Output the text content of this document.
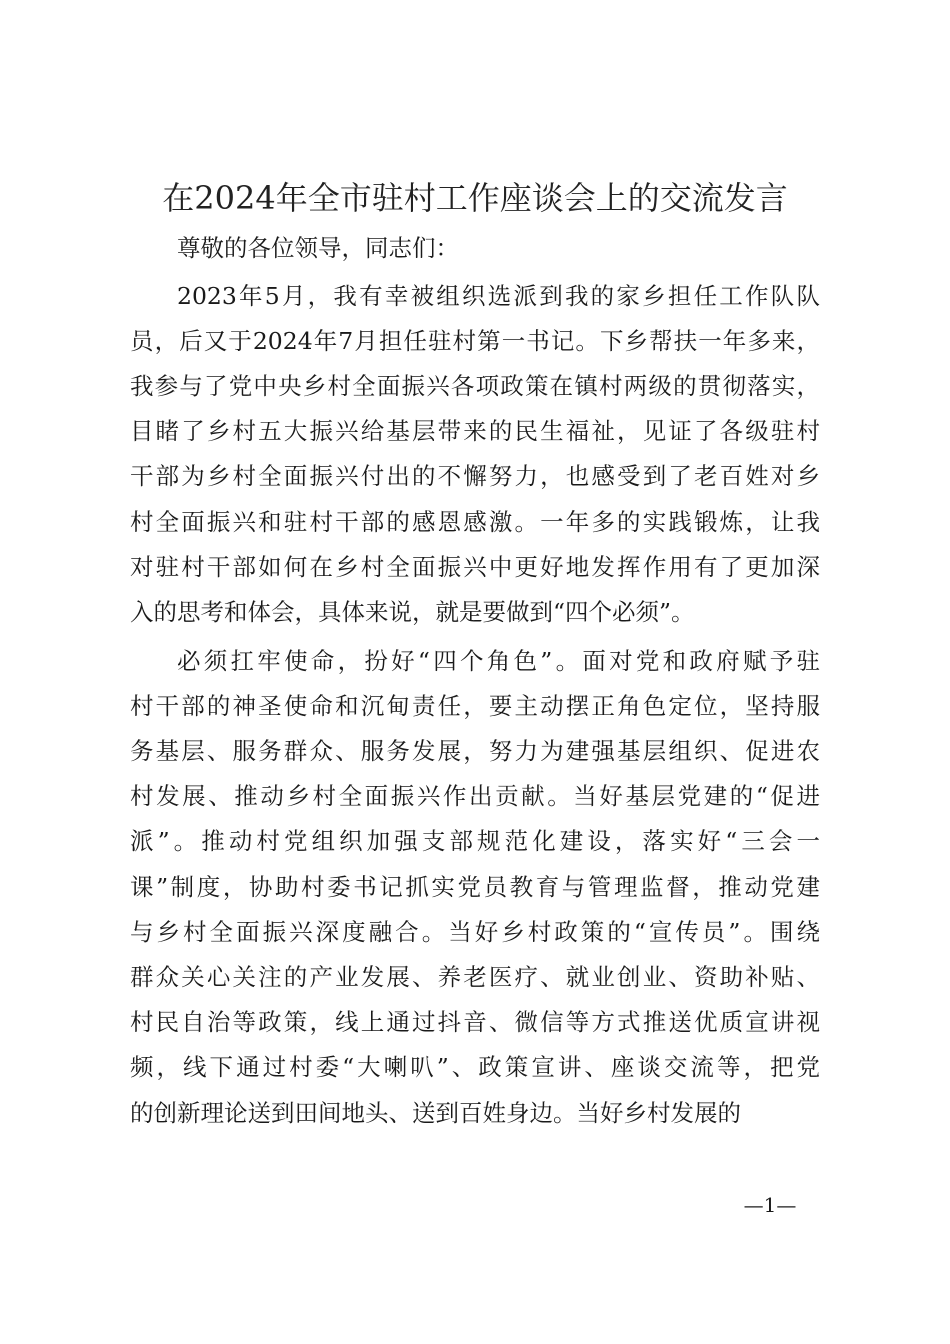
在2024年全市驻村工作座谈会上的交流发言
尊敬的各位领导，同志们：
2023年5月，我有幸被组织选派到我的家乡担任工作队队
员，后又于2024年7月担任驻村第一书记。下乡帮扶一年多来，
我参与了党中央乡村全面振兴各项政策在镇村两级的贯彻落实，
目睹了乡村五大振兴给基层带来的民生福祉，见证了各级驻村
干部为乡村全面振兴付出的不懈努力，也感受到了老百姓对乡
村全面振兴和驻村干部的感恩感激。一年多的实践锻炼，让我
对驻村干部如何在乡村全面振兴中更好地发挥作用有了更加深
入的思考和体会，具体来说，就是要做到“四个必须”。
必须扛牢使命，扮好“四个角色”。面对党和政府赋予驻
村干部的神圣使命和沉甸责任，要主动摆正角色定位，坚持服
务基层、服务群众、服务发展，努力为建强基层组织、促进农
村发展、推动乡村全面振兴作出贡献。当好基层党建的“促进
派”。推动村党组织加强支部规范化建设，落实好“三会一
课”制度，协助村委书记抓实党员教育与管理监督，推动党建
与乡村全面振兴深度融合。当好乡村政策的“宣传员”。围绕
群众关心关注的产业发展、养老医疗、就业创业、资助补贴、
村民自治等政策，线上通过抖音、微信等方式推送优质宣讲视
频，线下通过村委“大喇叭”、政策宣讲、座谈交流等，把党
的创新理论送到田间地头、送到百姓身边。当好乡村发展的
—1—
